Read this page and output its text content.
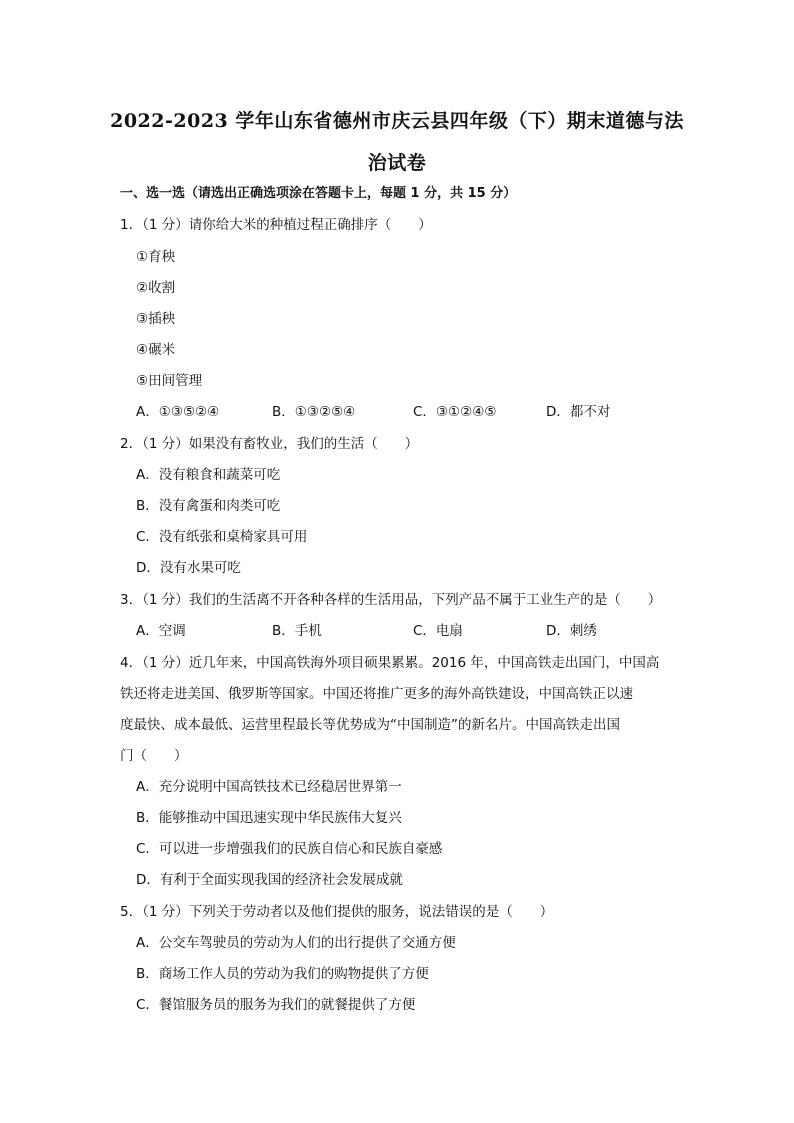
2022-2023 学年山东省德州市庆云县四年级（下）期末道德与法
治试卷
一、选一选（请选出正确选项涂在答题卡上，每题 1 分，共 15 分）
1．（1 分）请你给大米的种植过程正确排序（　　）
①育秧
②收割
③插秧
④碾米
⑤田间管理
A．①③⑤②④	B．①③②⑤④	C．③①②④⑤	D．都不对
2．（1 分）如果没有畜牧业，我们的生活（　　）
A．没有粮食和蔬菜可吃
B．没有禽蛋和肉类可吃
C．没有纸张和桌椅家具可用
D．没有水果可吃
3．（1 分）我们的生活离不开各种各样的生活用品，下列产品不属于工业生产的是（　　）
A．空调	B．手机	C．电扇	D．刺绣
4．（1 分）近几年来，中国高铁海外项目硕果累累。2016 年，中国高铁走出国门，中国高
铁还将走进美国、俄罗斯等国家。中国还将推广更多的海外高铁建设，中国高铁正以速
度最快、成本最低、运营里程最长等优势成为“中国制造”的新名片。中国高铁走出国
门（　　）
A．充分说明中国高铁技术已经稳居世界第一
B．能够推动中国迅速实现中华民族伟大复兴
C．可以进一步增强我们的民族自信心和民族自豪感
D．有利于全面实现我国的经济社会发展成就
5．（1 分）下列关于劳动者以及他们提供的服务，说法错误的是（　　）
A．公交车驾驶员的劳动为人们的出行提供了交通方便
B．商场工作人员的劳动为我们的购物提供了方便
C．餐馆服务员的服务为我们的就餐提供了方便
